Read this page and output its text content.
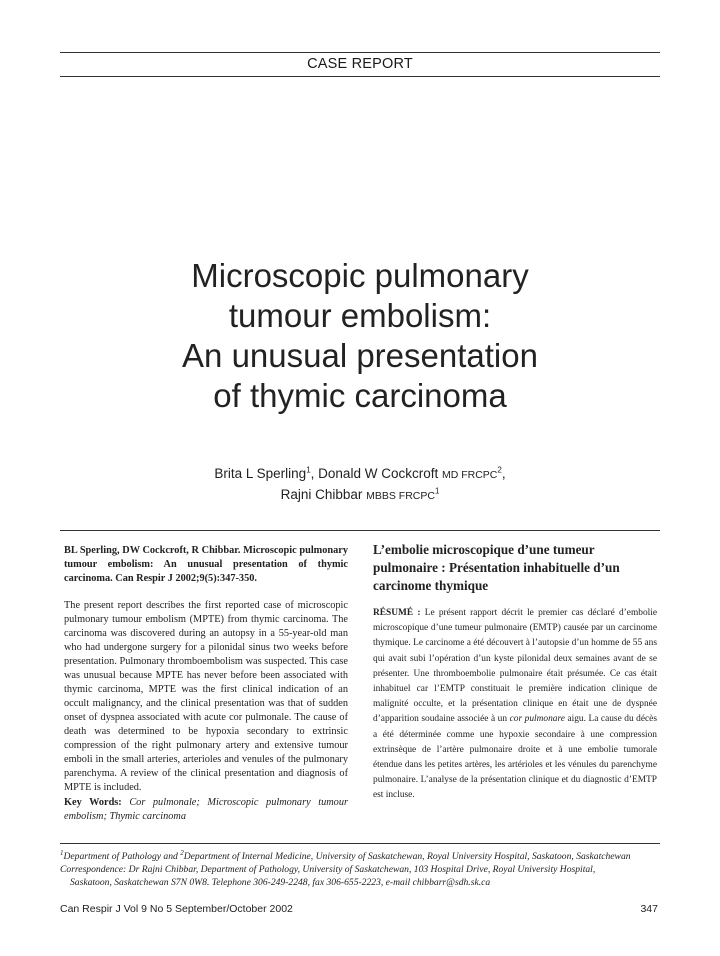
CASE REPORT
Microscopic pulmonary
tumour embolism:
An unusual presentation
of thymic carcinoma
Brita L Sperling$^1$, Donald W Cockcroft MD FRCPC$^2$,
Rajni Chibbar MBBS FRCPC$^1$
BL Sperling, DW Cockcroft, R Chibbar. Microscopic pulmonary tumour embolism: An unusual presentation of thymic carcinoma. Can Respir J 2002;9(5):347-350.
The present report describes the first reported case of microscopic pulmonary tumour embolism (MPTE) from thymic carcinoma. The carcinoma was discovered during an autopsy in a 55-year-old man who had undergone surgery for a pilonidal sinus two weeks before presentation. Pulmonary thromboembolism was suspected. This case was unusual because MPTE has never before been associated with thymic carcinoma, MPTE was the first clinical indication of an occult malignancy, and the clinical presentation was that of sudden onset of dyspnea associated with acute cor pulmonale. The cause of death was determined to be hypoxia secondary to extrinsic compression of the right pulmonary artery and extensive tumour emboli in the small arteries, arterioles and venules of the pulmonary parenchyma. A review of the clinical presentation and diagnosis of MPTE is included.
Key Words: Cor pulmonale; Microscopic pulmonary tumour embolism; Thymic carcinoma
L’embolie microscopique d’une tumeur pulmonaire : Présentation inhabituelle d’un carcinome thymique
RÉSUMÉ : Le présent rapport décrit le premier cas déclaré d’embolie microscopique d’une tumeur pulmonaire (EMTP) causée par un carcinome thymique. Le carcinome a été découvert à l’autopsie d’un homme de 55 ans qui avait subi l’opération d’un kyste pilonidal deux semaines avant de se présenter. Une thromboembolie pulmonaire était présumée. Ce cas était inhabituel car l’EMTP constituait le première indication clinique de malignité occulte, et la présentation clinique en était une de dyspnée d’apparition soudaine associée à un cor pulmonare aigu. La cause du décès a été déterminée comme une hypoxie secondaire à une compression extrinsèque de l’artère pulmonaire droite et à une embolie tumorale étendue dans les petites artères, les artérioles et les vénules du parenchyme pulmonaire. L’analyse de la présentation clinique et du diagnostic d’EMTP est incluse.
$^1$Department of Pathology and $^2$Department of Internal Medicine, University of Saskatchewan, Royal University Hospital, Saskatoon, Saskatchewan
Correspondence: Dr Rajni Chibbar, Department of Pathology, University of Saskatchewan, 103 Hospital Drive, Royal University Hospital,
Saskatoon, Saskatchewan S7N 0W8. Telephone 306-249-2248, fax 306-655-2223, e-mail chibbarr@sdh.sk.ca
Can Respir J Vol 9 No 5 September/October 2002	347
